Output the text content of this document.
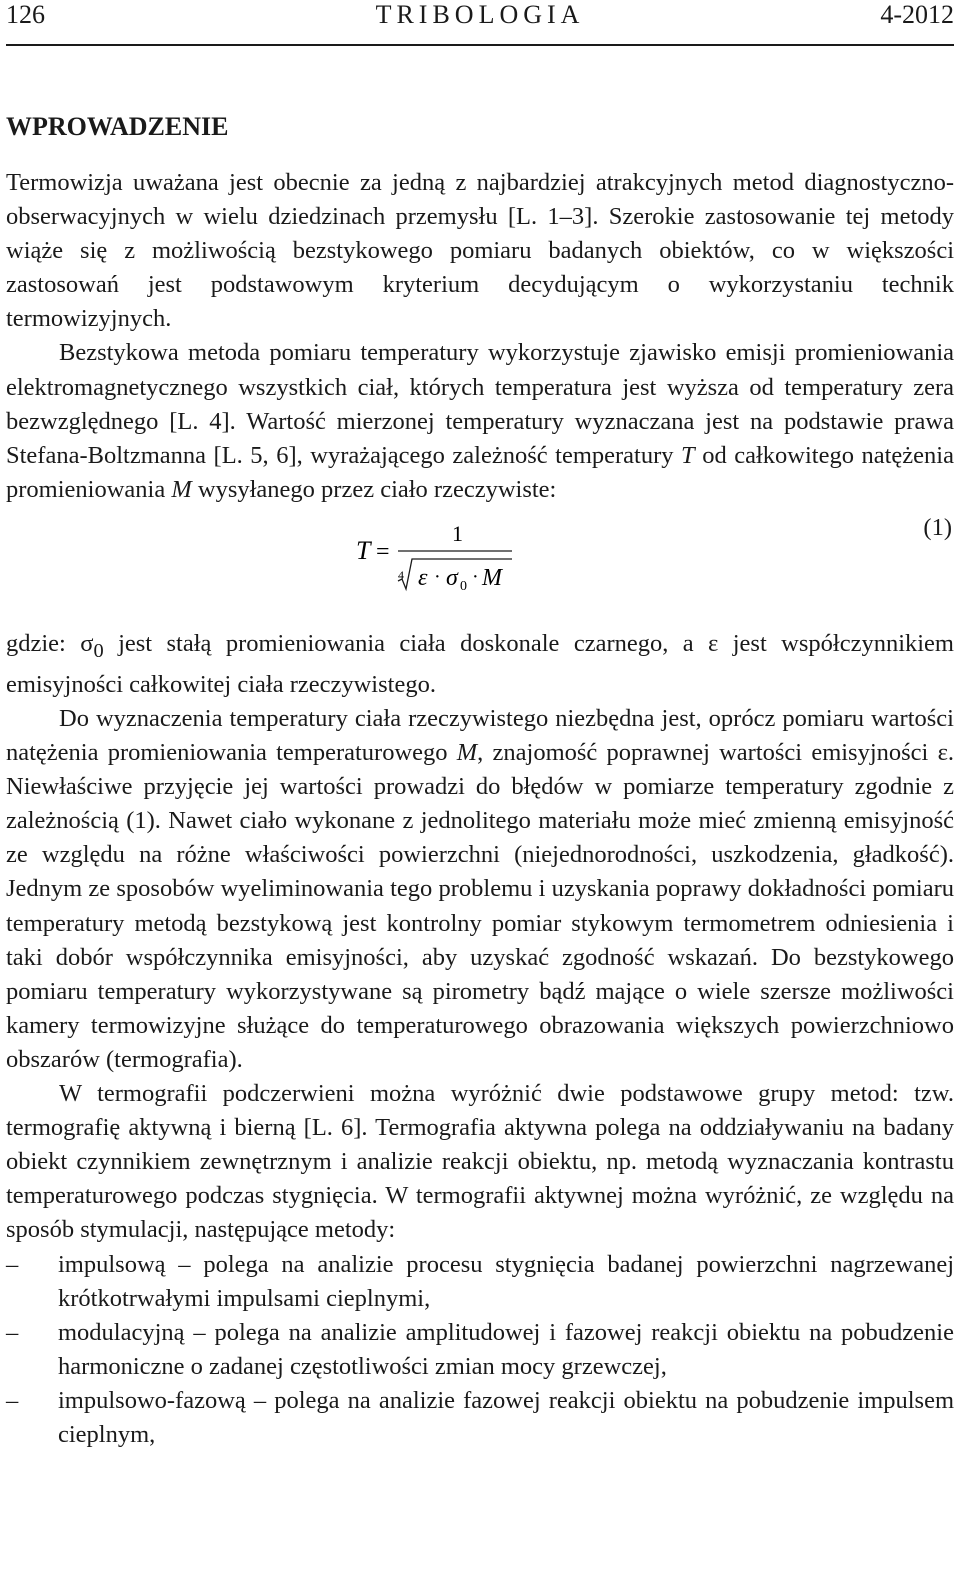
126	TRIBOLOGIA	4-2012
WPROWADZENIE

Termowizja uważana jest obecnie za jedną z najbardziej atrakcyjnych metod diagnostyczno-obserwacyjnych w wielu dziedzinach przemysłu [L. 1–3]. Szerokie zastosowanie tej metody wiąże się z możliwością bezstykowego pomiaru badanych obiektów, co w większości zastosowań jest podstawowym kryterium decydującym o wykorzystaniu technik termowizyjnych.

Bezstykowa metoda pomiaru temperatury wykorzystuje zjawisko emisji promieniowania elektromagnetycznego wszystkich ciał, których temperatura jest wyższa od temperatury zera bezwzględnego [L. 4]. Wartość mierzonej temperatury wyznaczana jest na podstawie prawa Stefana-Boltzmanna [L. 5, 6], wyrażającego zależność temperatury T od całkowitego natężenia promieniowania M wysyłanego przez ciało rzeczywiste:

T =
1
4 ε · σ 0 · M
(1)

gdzie: $\sigma_0$ jest stałą promieniowania ciała doskonale czarnego, a ε jest współczynnikiem emisyjności całkowitej ciała rzeczywistego.

Do wyznaczenia temperatury ciała rzeczywistego niezbędna jest, oprócz pomiaru wartości natężenia promieniowania temperaturowego M, znajomość poprawnej wartości emisyjności ε. Niewłaściwe przyjęcie jej wartości prowadzi do błędów w pomiarze temperatury zgodnie z zależnością (1). Nawet ciało wykonane z jednolitego materiału może mieć zmienną emisyjność ze względu na różne właściwości powierzchni (niejednorodności, uszkodzenia, gładkość). Jednym ze sposobów wyeliminowania tego problemu i uzyskania poprawy dokładności pomiaru temperatury metodą bezstykową jest kontrolny pomiar stykowym termometrem odniesienia i taki dobór współczynnika emisyjności, aby uzyskać zgodność wskazań. Do bezstykowego pomiaru temperatury wykorzystywane są pirometry bądź mające o wiele szersze możliwości kamery termowizyjne służące do temperaturowego obrazowania większych powierzchniowo obszarów (termografia).

W termografii podczerwieni można wyróżnić dwie podstawowe grupy metod: tzw. termografię aktywną i bierną [L. 6]. Termografia aktywna polega na oddziaływaniu na badany obiekt czynnikiem zewnętrznym i analizie reakcji obiektu, np. metodą wyznaczania kontrastu temperaturowego podczas stygnięcia. W termografii aktywnej można wyróżnić, ze względu na sposób stymulacji, następujące metody:

– impulsową – polega na analizie procesu stygnięcia badanej powierzchni nagrzewanej krótkotrwałymi impulsami cieplnymi,
– modulacyjną – polega na analizie amplitudowej i fazowej reakcji obiektu na pobudzenie harmoniczne o zadanej częstotliwości zmian mocy grzewczej,
– impulsowo-fazową – polega na analizie fazowej reakcji obiektu na pobudzenie impulsem cieplnym,
